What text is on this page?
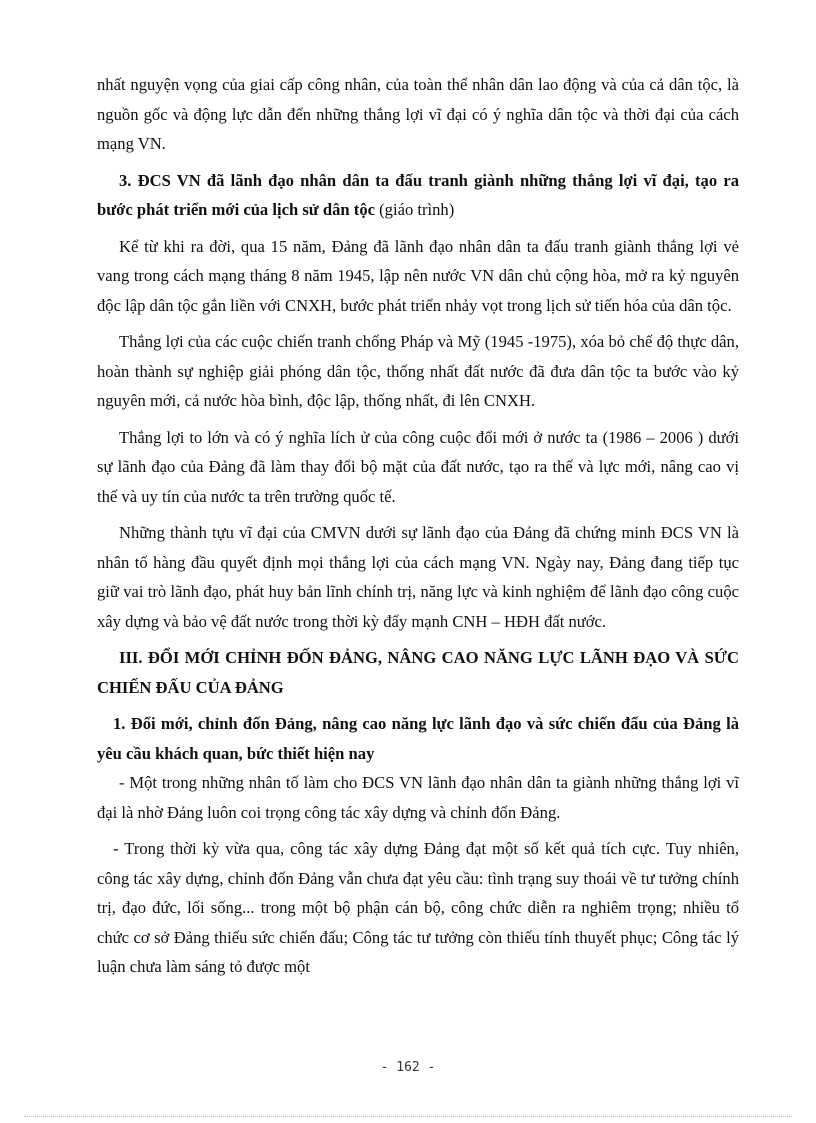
nhất nguyện vọng của giai cấp công nhân, của toàn thể nhân dân lao động và của cả dân tộc, là nguồn gốc và động lực dẫn đến những thắng lợi vĩ đại có ý nghĩa dân tộc và thời đại của cách mạng VN.

3. ĐCS VN đã lãnh đạo nhân dân ta đấu tranh giành những thắng lợi vĩ đại, tạo ra bước phát triển mới của lịch sử dân tộc (giáo trình)

Kể từ khi ra đời, qua 15 năm, Đảng đã lãnh đạo nhân dân ta đấu tranh giành thắng lợi vẻ vang trong cách mạng tháng 8 năm 1945, lập nên nước VN dân chủ cộng hòa, mở ra kỷ nguyên độc lập dân tộc gắn liền với CNXH, bước phát triển nhảy vọt trong lịch sử tiến hóa của dân tộc.

Thắng lợi của các cuộc chiến tranh chống Pháp và Mỹ (1945 -1975), xóa bỏ chế độ thực dân, hoàn thành sự nghiệp giải phóng dân tộc, thống nhất đất nước đã đưa dân tộc ta bước vào kỷ nguyên mới, cả nước hòa bình, độc lập, thống nhất, đi lên CNXH.

Thắng lợi to lớn và có ý nghĩa lích ử của công cuộc đổi mới ở nước ta (1986 – 2006 ) dưới sự lãnh đạo của Đảng đã làm thay đổi bộ mặt của đất nước, tạo ra thế và lực mới, nâng cao vị thế và uy tín của nước ta trên trường quốc tế.

Những thành tựu vĩ đại của CMVN dưới sự lãnh đạo của Đảng đã chứng minh ĐCS VN là nhân tố hàng đầu quyết định mọi thắng lợi của cách mạng VN. Ngày nay, Đảng đang tiếp tục giữ vai trò lãnh đạo, phát huy bản lĩnh chính trị, năng lực và kinh nghiệm để lãnh đạo công cuộc xây dựng và bảo vệ đất nước trong thời kỳ đẩy mạnh CNH – HĐH đất nước.

III. ĐỔI MỚI CHỈNH ĐỐN ĐẢNG, NÂNG CAO NĂNG LỰC LÃNH ĐẠO VÀ SỨC CHIẾN ĐẤU CỦA ĐẢNG

1. Đổi mới, chỉnh đốn Đảng, nâng cao năng lực lãnh đạo và sức chiến đấu của Đảng là yêu cầu khách quan, bức thiết hiện nay

- Một trong những nhân tố làm cho ĐCS VN lãnh đạo nhân dân ta giành những thắng lợi vĩ đại là nhờ Đảng luôn coi trọng công tác xây dựng và chỉnh đốn Đảng.

- Trong thời kỳ vừa qua, công tác xây dựng Đảng đạt một số kết quả tích cực. Tuy nhiên, công tác xây dựng, chỉnh đốn Đảng vẫn chưa đạt yêu cầu: tình trạng suy thoái về tư tưởng chính trị, đạo đức, lối sống... trong một bộ phận cán bộ, công chức diễn ra nghiêm trọng; nhiều tổ chức cơ sở Đảng thiếu sức chiến đấu; Công tác tư tưởng còn thiếu tính thuyết phục; Công tác lý luận chưa làm sáng tỏ được một

- 162 -
